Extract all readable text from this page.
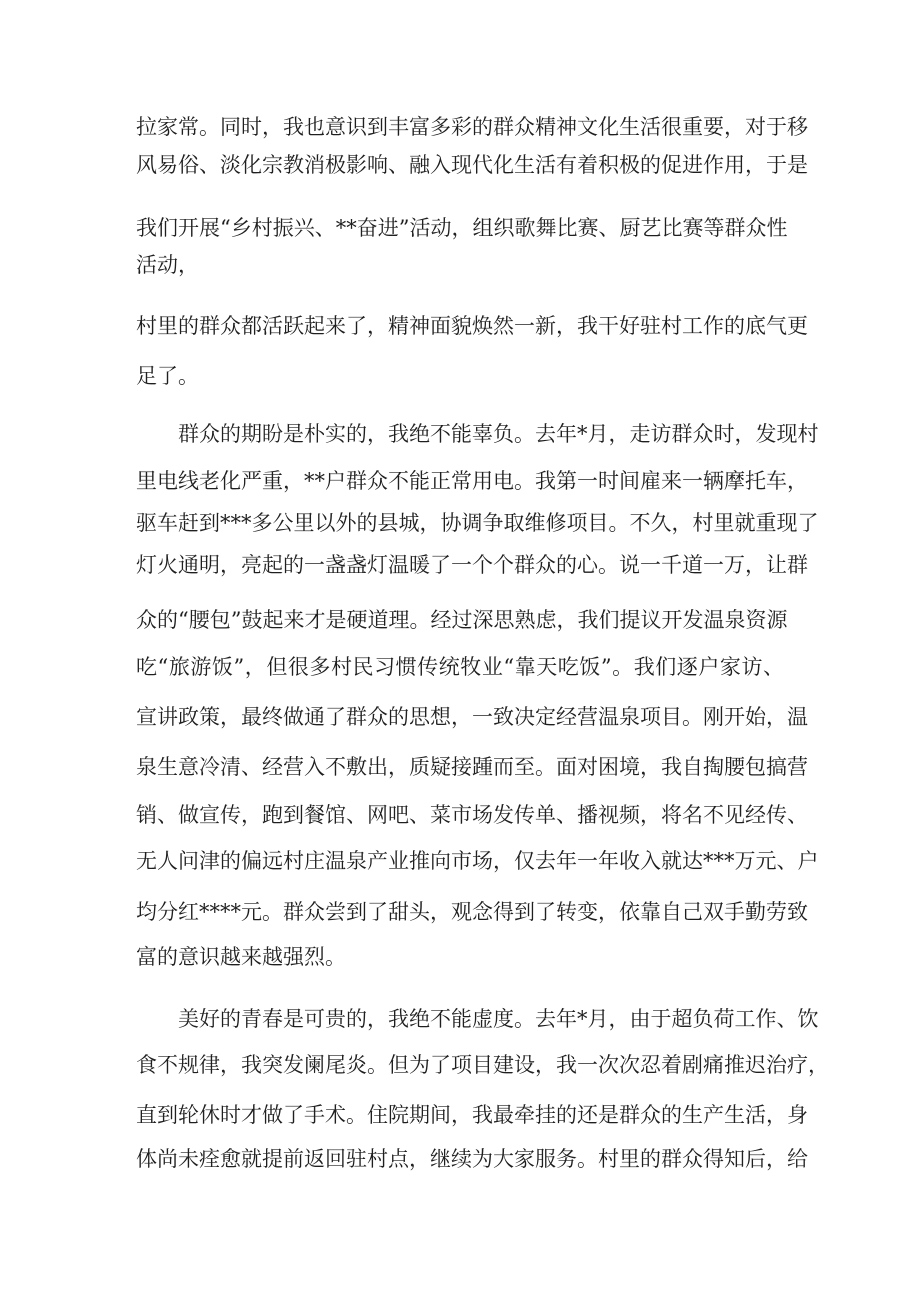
拉家常。同时，我也意识到丰富多彩的群众精神文化生活很重要，对于移
风易俗、淡化宗教消极影响、融入现代化生活有着积极的促进作用，于是
我们开展“乡村振兴、**奋进”活动，组织歌舞比赛、厨艺比赛等群众性
活动，
村里的群众都活跃起来了，精神面貌焕然一新，我干好驻村工作的底气更
足了。
群众的期盼是朴实的，我绝不能辜负。去年*月，走访群众时，发现村
里电线老化严重，**户群众不能正常用电。我第一时间雇来一辆摩托车，
驱车赶到***多公里以外的县城，协调争取维修项目。不久，村里就重现了
灯火通明，亮起的一盏盏灯温暖了一个个群众的心。说一千道一万，让群
众的“腰包”鼓起来才是硬道理。经过深思熟虑，我们提议开发温泉资源
吃“旅游饭”，但很多村民习惯传统牧业“靠天吃饭”。我们逐户家访、
宣讲政策，最终做通了群众的思想，一致决定经营温泉项目。刚开始，温
泉生意冷清、经营入不敷出，质疑接踵而至。面对困境，我自掏腰包搞营
销、做宣传，跑到餐馆、网吧、菜市场发传单、播视频，将名不见经传、
无人问津的偏远村庄温泉产业推向市场，仅去年一年收入就达***万元、户
均分红****元。群众尝到了甜头，观念得到了转变，依靠自己双手勤劳致
富的意识越来越强烈。
美好的青春是可贵的，我绝不能虚度。去年*月，由于超负荷工作、饮
食不规律，我突发阑尾炎。但为了项目建设，我一次次忍着剧痛推迟治疗，
直到轮休时才做了手术。住院期间，我最牵挂的还是群众的生产生活，身
体尚未痊愈就提前返回驻村点，继续为大家服务。村里的群众得知后，给
